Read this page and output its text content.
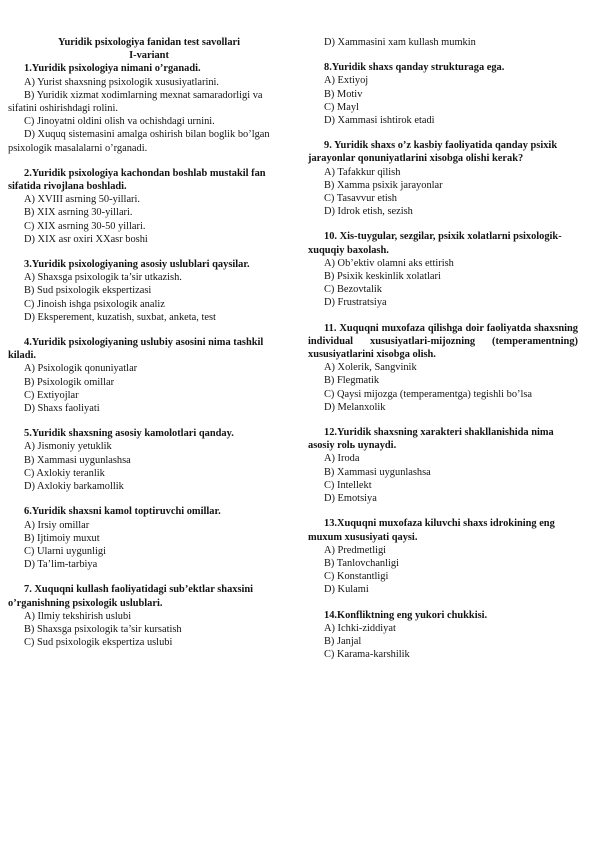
Yuridik psixologiya fanidan test savollari
I-variant
1.Yuridik psixologiya nimani o’rganadi.
A) Yurist shaxsning psixologik xususiyatlarini.
B) Yuridik xizmat xodimlarning mexnat samaradorligi va sifatini oshirishdagi rolini.
C) Jinoyatni oldini olish va ochishdagi urnini.
D) Xuquq sistemasini amalga oshirish bilan boglik bo’lgan psixologik masalalarni o’rganadi.
2.Yuridik psixologiya kachondan boshlab mustakil fan sifatida rivojlana boshladi.
A) XVIII asrning 50-yillari.
B) XIX asrning 30-yillari.
C) XIX asrning 30-50 yillari.
D) XIX asr oxiri XXasr boshi
3.Yuridik psixologiyaning asosiy uslublari qaysilar.
A) Shaxsga psixologik ta’sir utkazish.
B) Sud psixologik ekspertizasi
C) Jinoish ishga psixologik analiz
D) Eksperement, kuzatish, suxbat, anketa, test
4.Yuridik psixologiyaning uslubiy asosini nima tashkil kiladi.
A) Psixologik qonuniyatlar
B) Psixologik omillar
C) Extiyojlar
D) Shaxs faoliyati
5.Yuridik shaxsning asosiy kamolotlari qanday.
A) Jismoniy yetuklik
B) Xammasi uygunlashsa
C) Axlokiy teranlik
D) Axlokiy barkamollik
6.Yuridik shaxsni kamol toptiruvchi omillar.
A) Irsiy omillar
B) Ijtimoiy muxut
C) Ularni uygunligi
D) Ta’lim-tarbiya
7. Xuquqni kullash faoliyatidagi sub’ektlar shaxsini o’rganishning psixologik uslublari.
A) Ilmiy tekshirish uslubi
B) Shaxsga psixologik ta’sir kursatish
C) Sud psixologik ekspertiza uslubi
D) Xammasini xam kullash mumkin
8.Yuridik shaxs qanday strukturaga ega.
A) Extiyoj
B) Motiv
C) Mayl
D) Xammasi ishtirok etadi
9. Yuridik shaxs o’z kasbiy faoliyatida qanday psixik jarayonlar qonuniyatlarini xisobga olishi kerak?
A) Tafakkur qilish
B) Xamma psixik jarayonlar
C) Tasavvur etish
D) Idrok etish, sezish
10. Xis-tuygular, sezgilar, psixik xolatlarni psixologik-xuquqiy baxolash.
A) Ob’ektiv olamni aks ettirish
B) Psixik keskinlik xolatlari
C) Bezovtalik
D) Frustratsiya
11. Xuquqni muxofaza qilishga doir faoliyatda shaxsning individual xususiyatlari-mijozning (temperamentning) xususiyatlarini xisobga olish.
A) Xolerik, Sangvinik
B) Flegmatik
C) Qaysi mijozga (temperamentga) tegishli bo’lsa
D) Melanxolik
12.Yuridik shaxsning xarakteri shakllanishida nima asosiy rolь uynaydi.
A) Iroda
B) Xammasi uygunlashsa
C) Intellekt
D) Emotsiya
13.Xuquqni muxofaza kiluvchi shaxs idrokining eng muxum xususiyati qaysi.
A) Predmetligi
B) Tanlovchanligi
C) Konstantligi
D) Kulami
14.Konfliktning eng yukori chukkisi.
A) Ichki-ziddiyat
B) Janjal
C) Karama-karshilik
